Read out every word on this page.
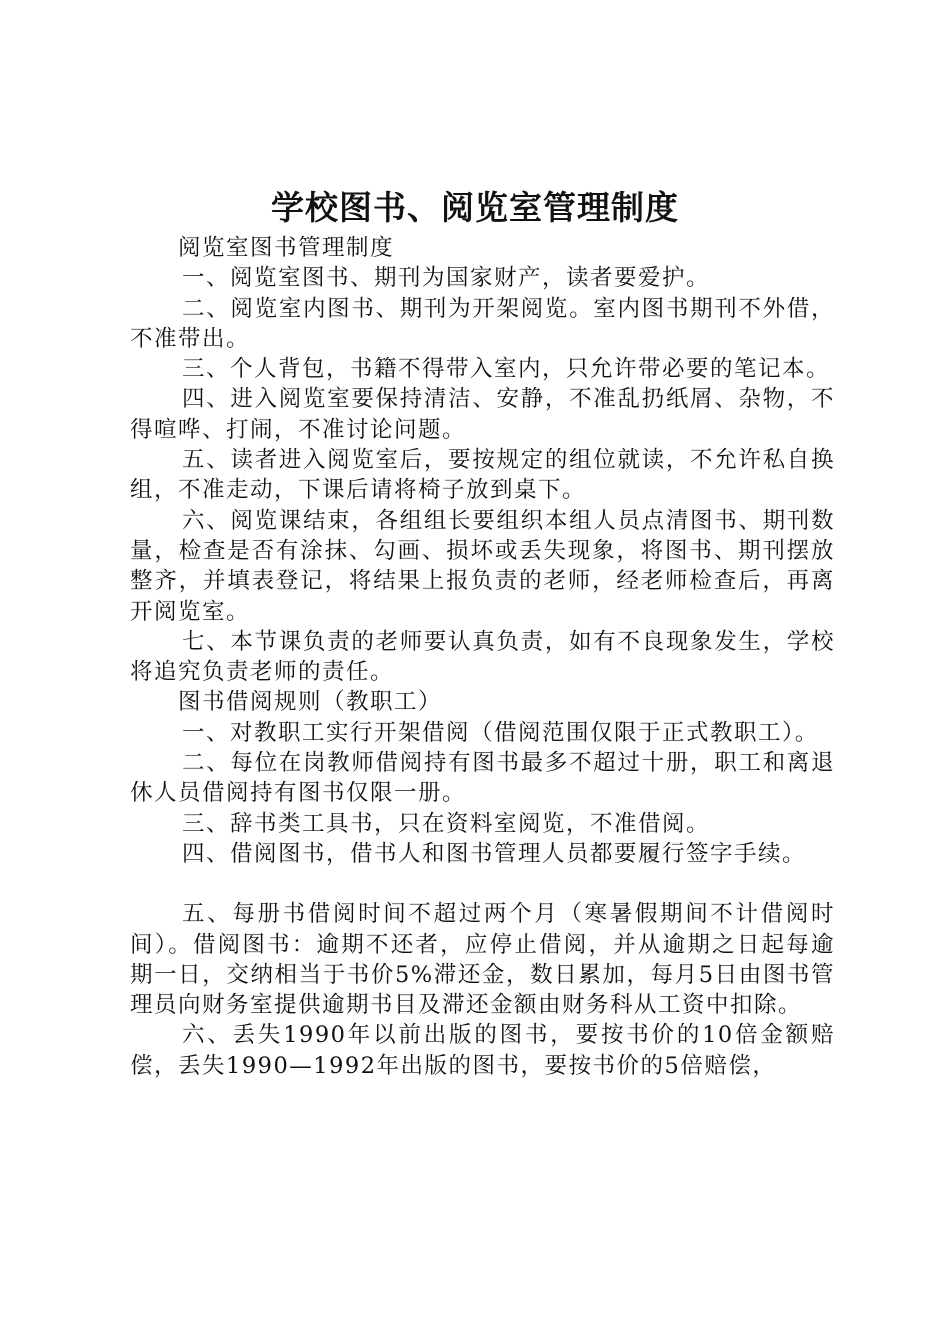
学校图书、阅览室管理制度

阅览室图书管理制度

一、阅览室图书、期刊为国家财产，读者要爱护。

二、阅览室内图书、期刊为开架阅览。室内图书期刊不外借，不准带出。

三、个人背包，书籍不得带入室内，只允许带必要的笔记本。

四、进入阅览室要保持清洁、安静，不准乱扔纸屑、杂物，不得喧哗、打闹，不准讨论问题。

五、读者进入阅览室后，要按规定的组位就读，不允许私自换组，不准走动，下课后请将椅子放到桌下。

六、阅览课结束，各组组长要组织本组人员点清图书、期刊数量，检查是否有涂抹、勾画、损坏或丢失现象，将图书、期刊摆放整齐，并填表登记，将结果上报负责的老师，经老师检查后，再离开阅览室。

七、本节课负责的老师要认真负责，如有不良现象发生，学校将追究负责老师的责任。

图书借阅规则（教职工）

一、对教职工实行开架借阅（借阅范围仅限于正式教职工）。

二、每位在岗教师借阅持有图书最多不超过十册，职工和离退休人员借阅持有图书仅限一册。

三、辞书类工具书，只在资料室阅览，不准借阅。

四、借阅图书，借书人和图书管理人员都要履行签字手续。

五、每册书借阅时间不超过两个月（寒暑假期间不计借阅时间）。借阅图书：逾期不还者，应停止借阅，并从逾期之日起每逾期一日，交纳相当于书价5%滞还金，数日累加，每月5日由图书管理员向财务室提供逾期书目及滞还金额由财务科从工资中扣除。

六、丢失1990年以前出版的图书，要按书价的10倍金额赔偿，丢失1990—1992年出版的图书，要按书价的5倍赔偿，
